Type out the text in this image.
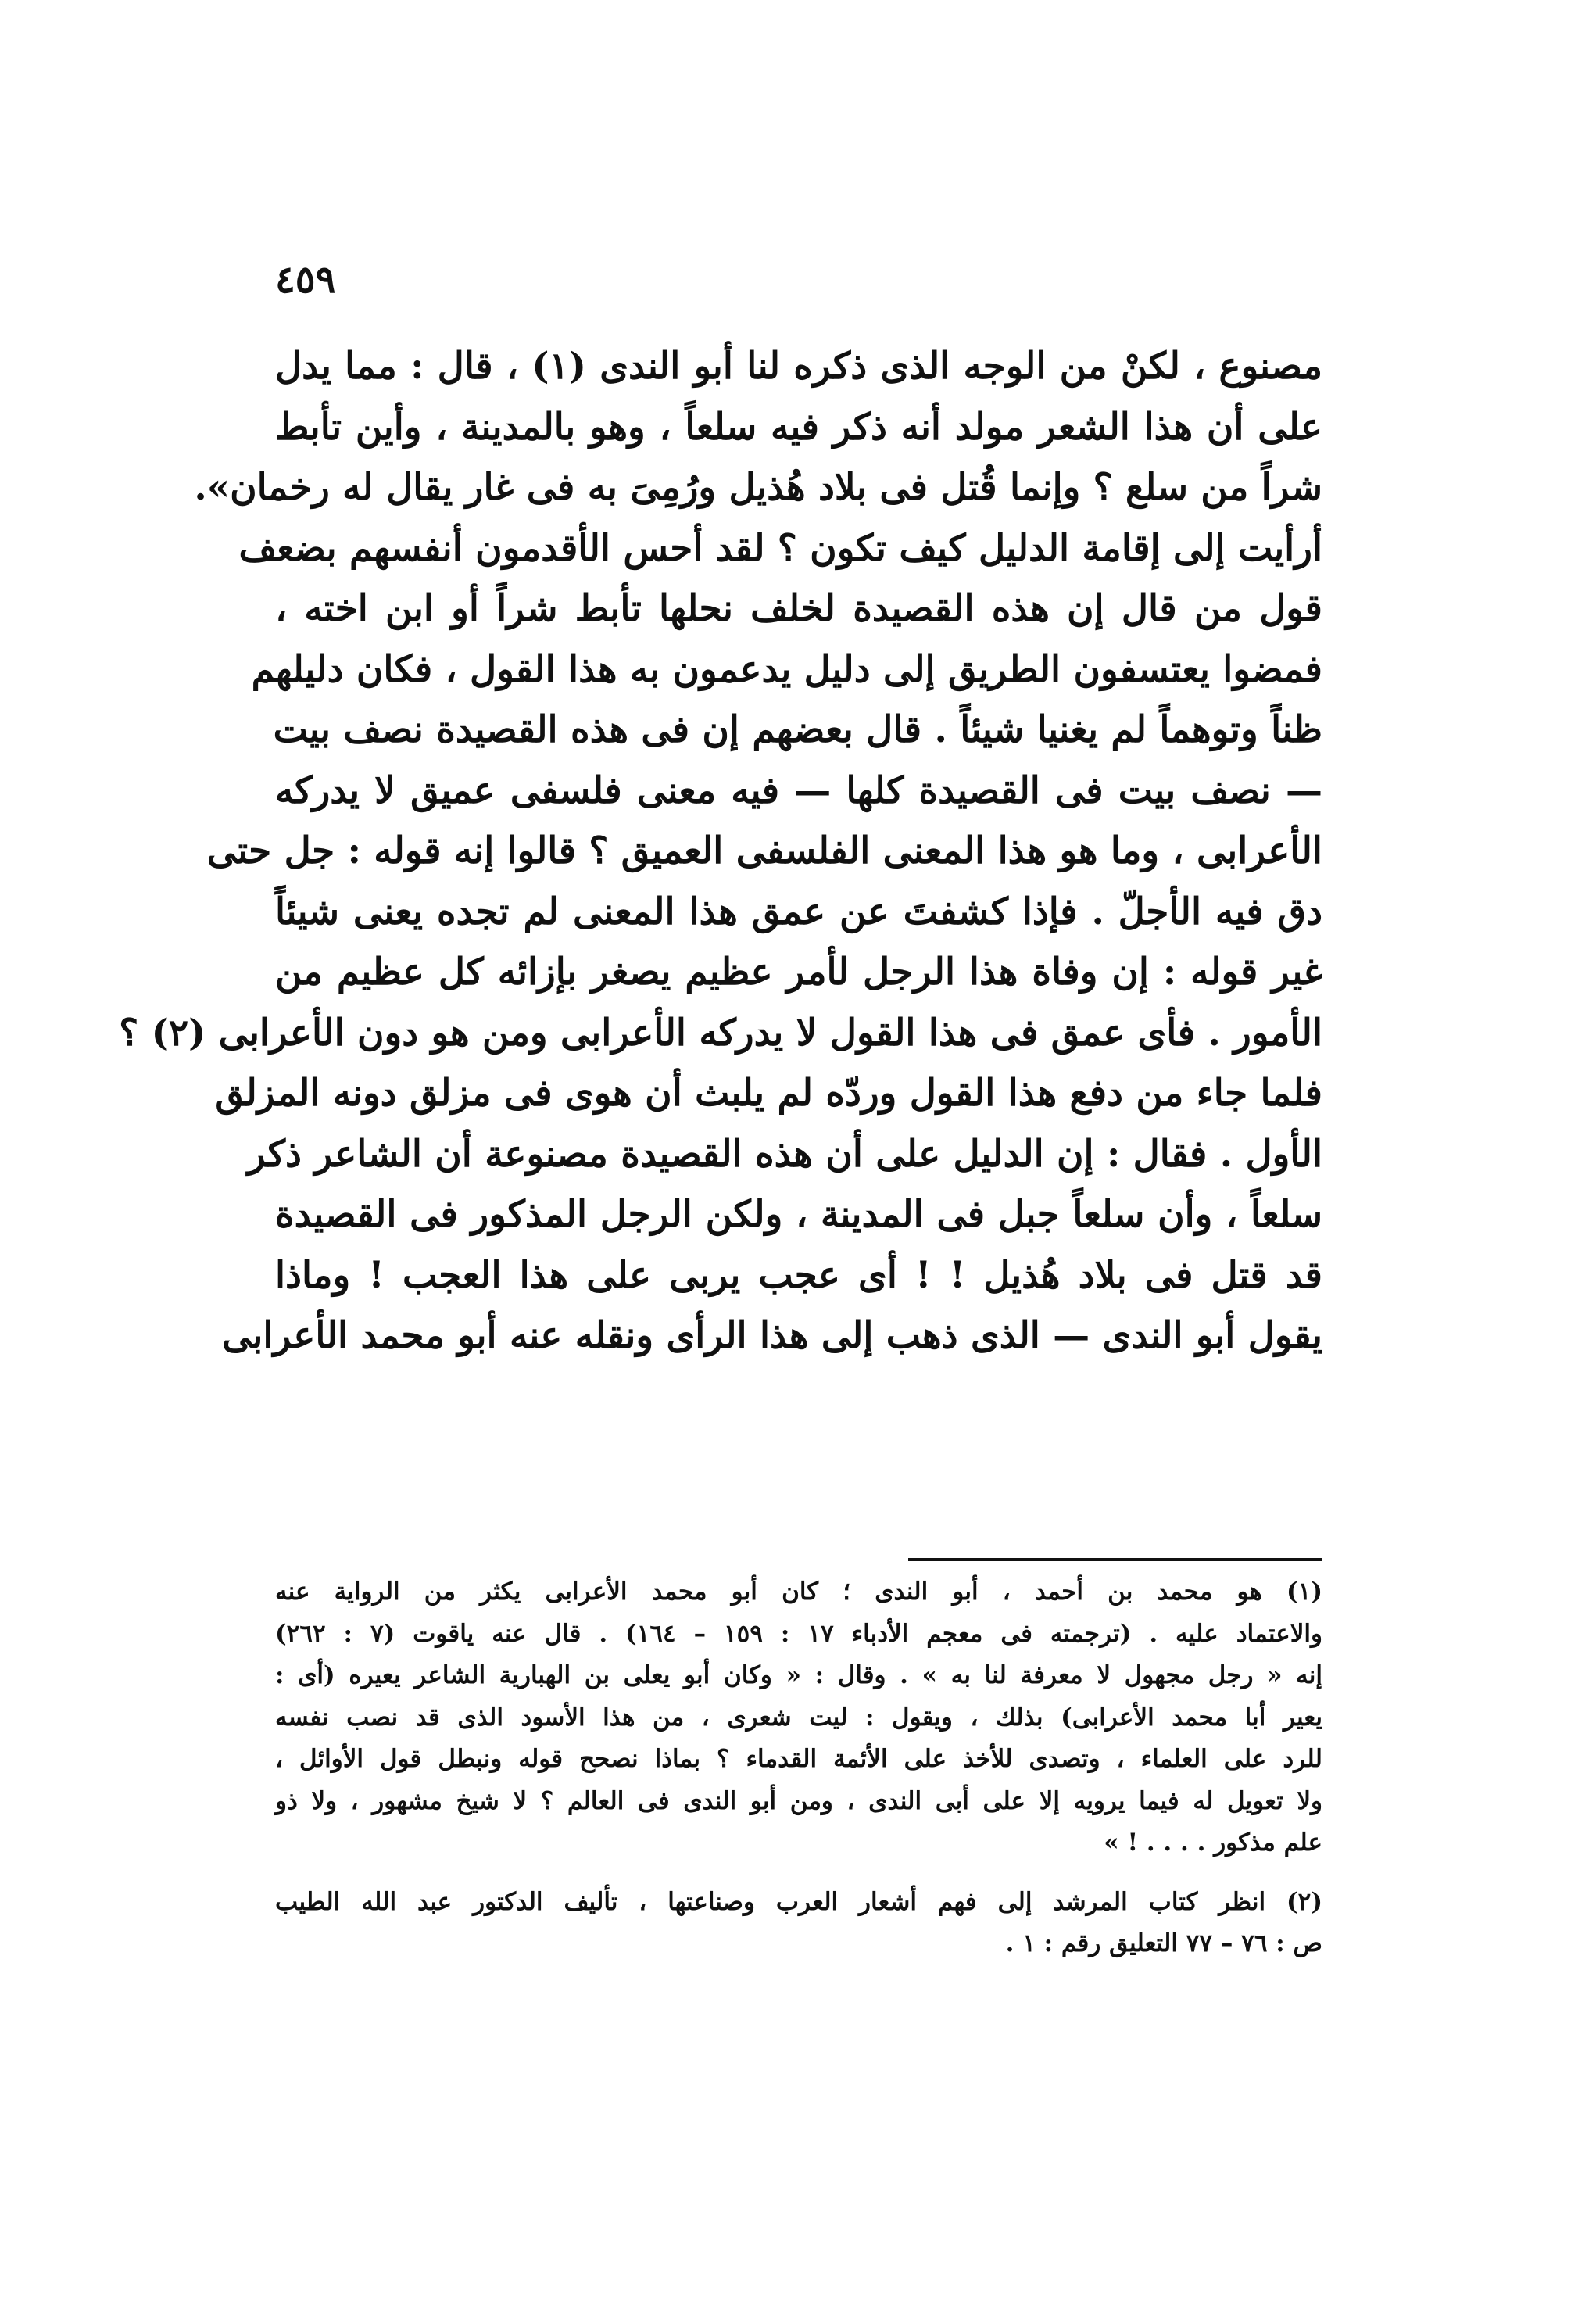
٤٥٩
مصنوع ، لكنْ من الوجه الذى ذكره لنا أبو الندى (١) ، قال : مما يدل
على أن هذا الشعر مولد أنه ذكر فيه سلعاً ، وهو بالمدينة ، وأين تأبط
شراً من سلع ؟ وإنما قُتل فى بلاد هُذيل ورُمِىَ به فى غار يقال له رخمان».
أرأيت إلى إقامة الدليل كيف تكون ؟ لقد أحس الأقدمون أنفسهم بضعف
قول من قال إن هذه القصيدة لخلف نحلها تأبط شراً أو ابن اخته ،
فمضوا يعتسفون الطريق إلى دليل يدعمون به هذا القول ، فكان دليلهم
ظناً وتوهماً لم يغنيا شيئاً . قال بعضهم إن فى هذه القصيدة نصف بيت
— نصف بيت فى القصيدة كلها — فيه معنى فلسفى عميق لا يدركه
الأعرابى ، وما هو هذا المعنى الفلسفى العميق ؟ قالوا إنه قوله : جل حتى
دق فيه الأجلّ . فإذا كشفتَ عن عمق هذا المعنى لم تجده يعنى شيئاً
غير قوله : إن وفاة هذا الرجل لأمر عظيم يصغر بإزائه كل عظيم من
الأمور . فأى عمق فى هذا القول لا يدركه الأعرابى ومن هو دون الأعرابى (٢) ؟
فلما جاء من دفع هذا القول وردّه لم يلبث أن هوى فى مزلق دونه المزلق
الأول . فقال : إن الدليل على أن هذه القصيدة مصنوعة أن الشاعر ذكر
سلعاً ، وأن سلعاً جبل فى المدينة ، ولكن الرجل المذكور فى القصيدة
قد قتل فى بلاد هُذيل ! ! أى عجب يربى على هذا العجب ! وماذا
يقول أبو الندى — الذى ذهب إلى هذا الرأى ونقله عنه أبو محمد الأعرابى
(١) هو محمد بن أحمد ، أبو الندى ؛ كان أبو محمد الأعرابى يكثر من الرواية عنه
والاعتماد عليه . (ترجمته فى معجم الأدباء ١٧ : ١٥٩ – ١٦٤) . قال عنه ياقوت (٧ : ٢٦٢)
إنه « رجل مجهول لا معرفة لنا به » . وقال : « وكان أبو يعلى بن الهبارية الشاعر يعيره (أى :
يعير أبا محمد الأعرابى) بذلك ، ويقول : ليت شعرى ، من هذا الأسود الذى قد نصب نفسه
للرد على العلماء ، وتصدى للأخذ على الأئمة القدماء ؟ بماذا نصحح قوله ونبطل قول الأوائل ،
ولا تعويل له فيما يرويه إلا على أبى الندى ، ومن أبو الندى فى العالم ؟ لا شيخ مشهور ، ولا ذو
علم مذكور . . . . ! »
(٢) انظر كتاب المرشد إلى فهم أشعار العرب وصناعتها ، تأليف الدكتور عبد الله الطيب
ص : ٧٦ – ٧٧ التعليق رقم : ١ .
